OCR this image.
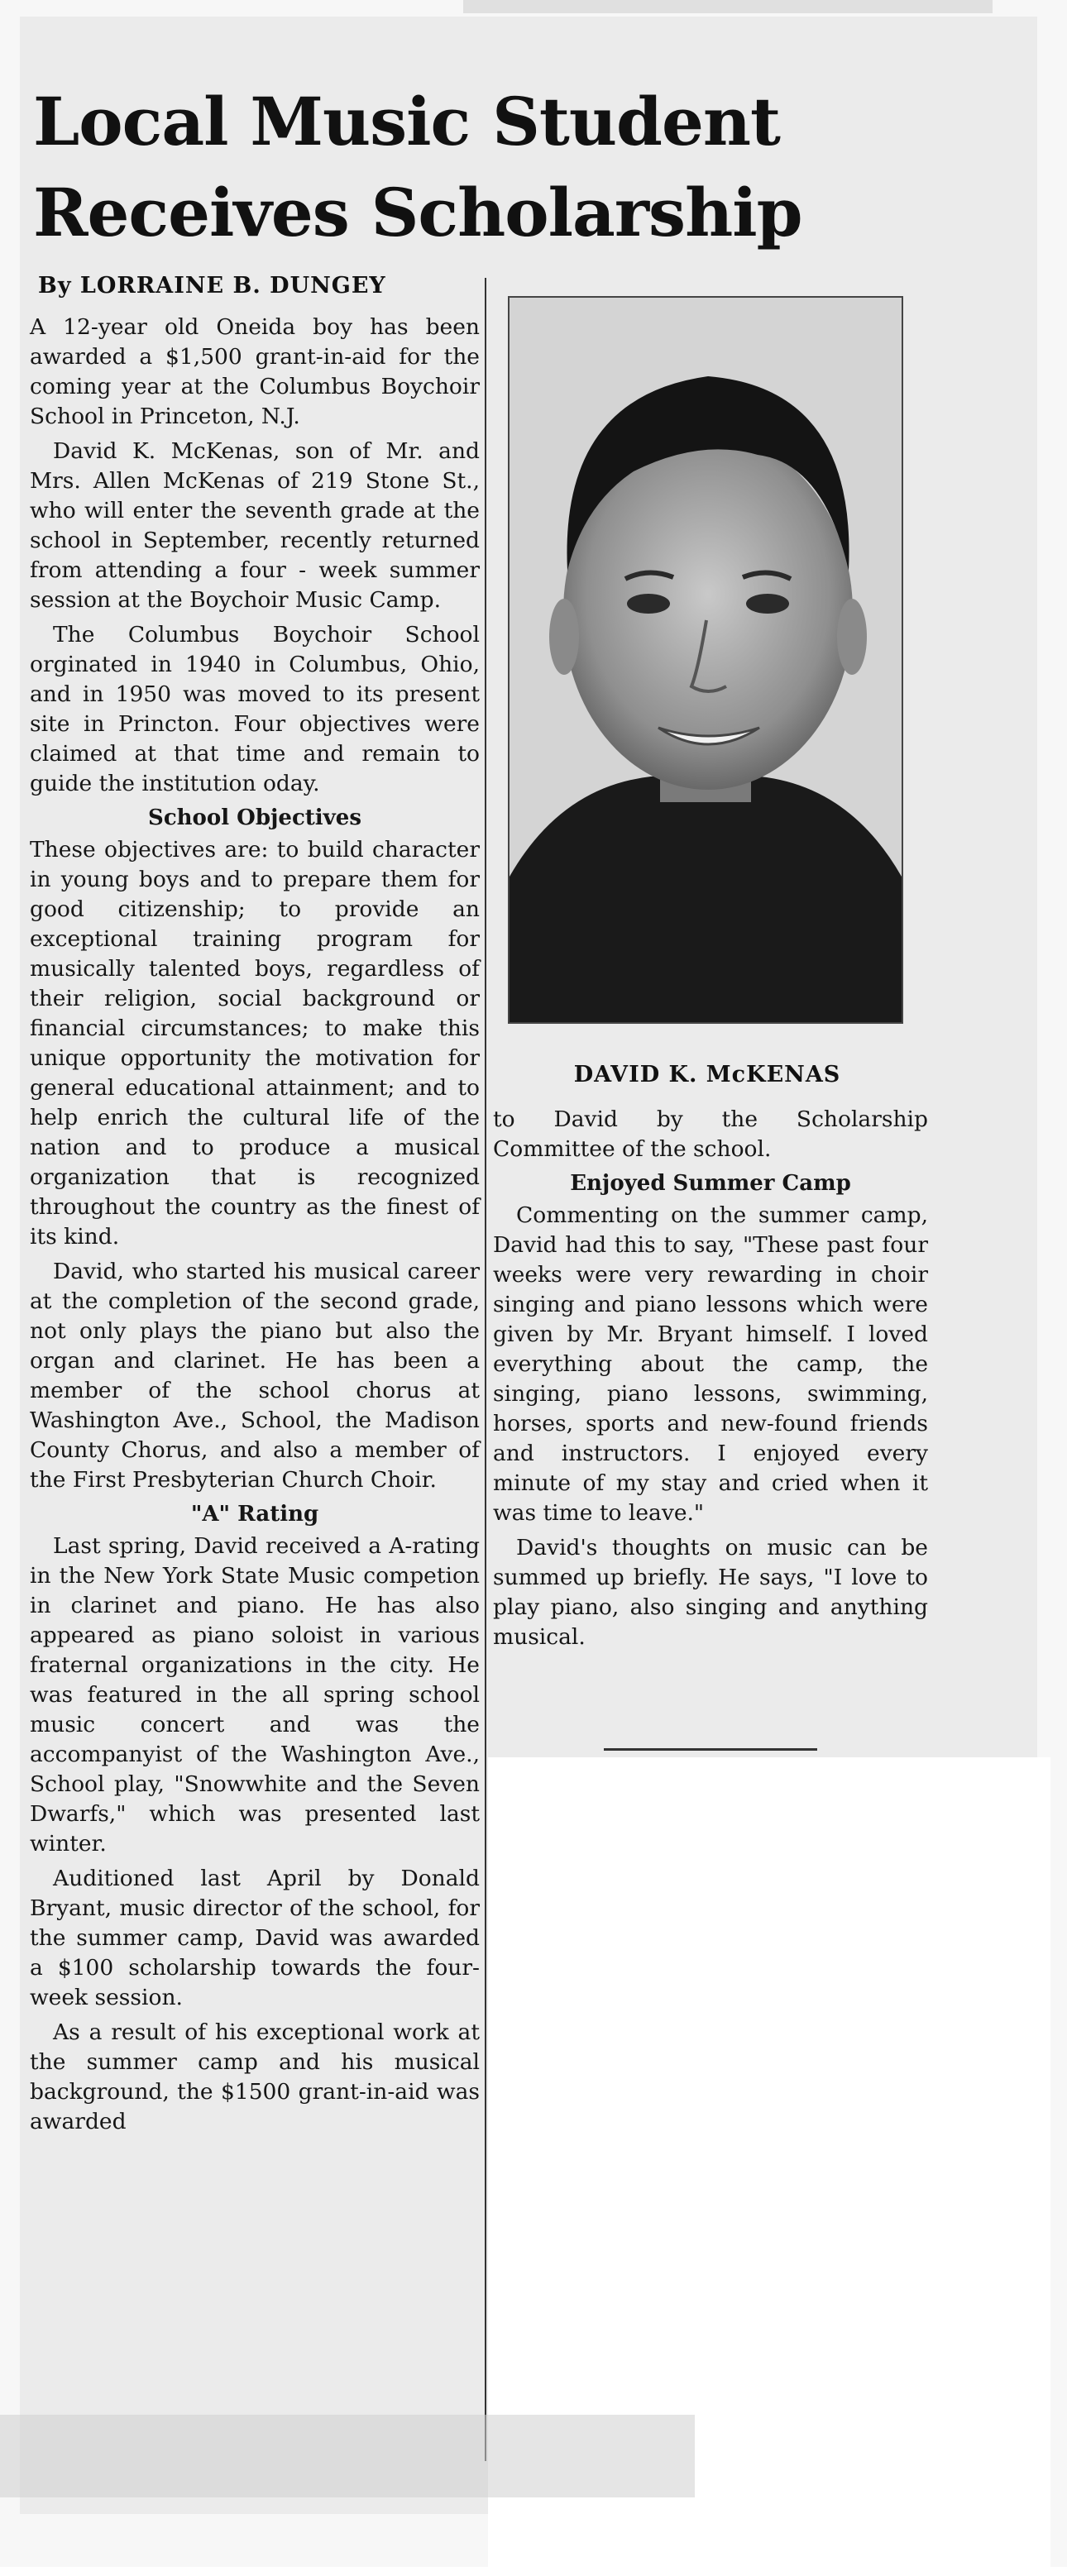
Local Music Student Receives Scholarship
By LORRAINE B. DUNGEY

A 12-year old Oneida boy has been awarded a $1,500 grant-in-aid for the coming year at the Columbus Boychoir School in Princeton, N.J.

David K. McKenas, son of Mr. and Mrs. Allen McKenas of 219 Stone St., who will enter the seventh grade at the school in September, recently returned from attending a four - week summer session at the Boychoir Music Camp.

The Columbus Boychoir School orginated in 1940 in Columbus, Ohio, and in 1950 was moved to its present site in Princton. Four objectives were claimed at that time and remain to guide the institution oday.

School Objectives

These objectives are: to build character in young boys and to prepare them for good citizenship; to provide an exceptional training program for musically talented boys, regardless of their religion, social background or financial circumstances; to make this unique opportunity the motivation for general educational attainment; and to help enrich the cultural life of the nation and to produce a musical organization that is recognized throughout the country as the finest of its kind.

David, who started his musical career at the completion of the second grade, not only plays the piano but also the organ and clarinet. He has been a member of the school chorus at Washington Ave., School, the Madison County Chorus, and also a member of the First Presbyterian Church Choir.

"A" Rating

Last spring, David received a A-rating in the New York State Music competion in clarinet and piano. He has also appeared as piano soloist in various fraternal organizations in the city. He was featured in the all spring school music concert and was the accompanyist of the Washington Ave., School play, "Snowwhite and the Seven Dwarfs," which was presented last winter.

Auditioned last April by Donald Bryant, music director of the school, for the summer camp, David was awarded a $100 scholarship towards the four-week session.

As a result of his exceptional work at the summer camp and his musical background, the $1500 grant-in-aid was awarded

DAVID K. McKENAS

to David by the Scholarship Committee of the school.

Enjoyed Summer Camp

Commenting on the summer camp, David had this to say, "These past four weeks were very rewarding in choir singing and piano lessons which were given by Mr. Bryant himself. I loved everything about the camp, the singing, piano lessons, swimming, horses, sports and new-found friends and instructors. I enjoyed every minute of my stay and cried when it was time to leave."

David's thoughts on music can be summed up briefly. He says, "I love to play piano, also singing and anything musical.
